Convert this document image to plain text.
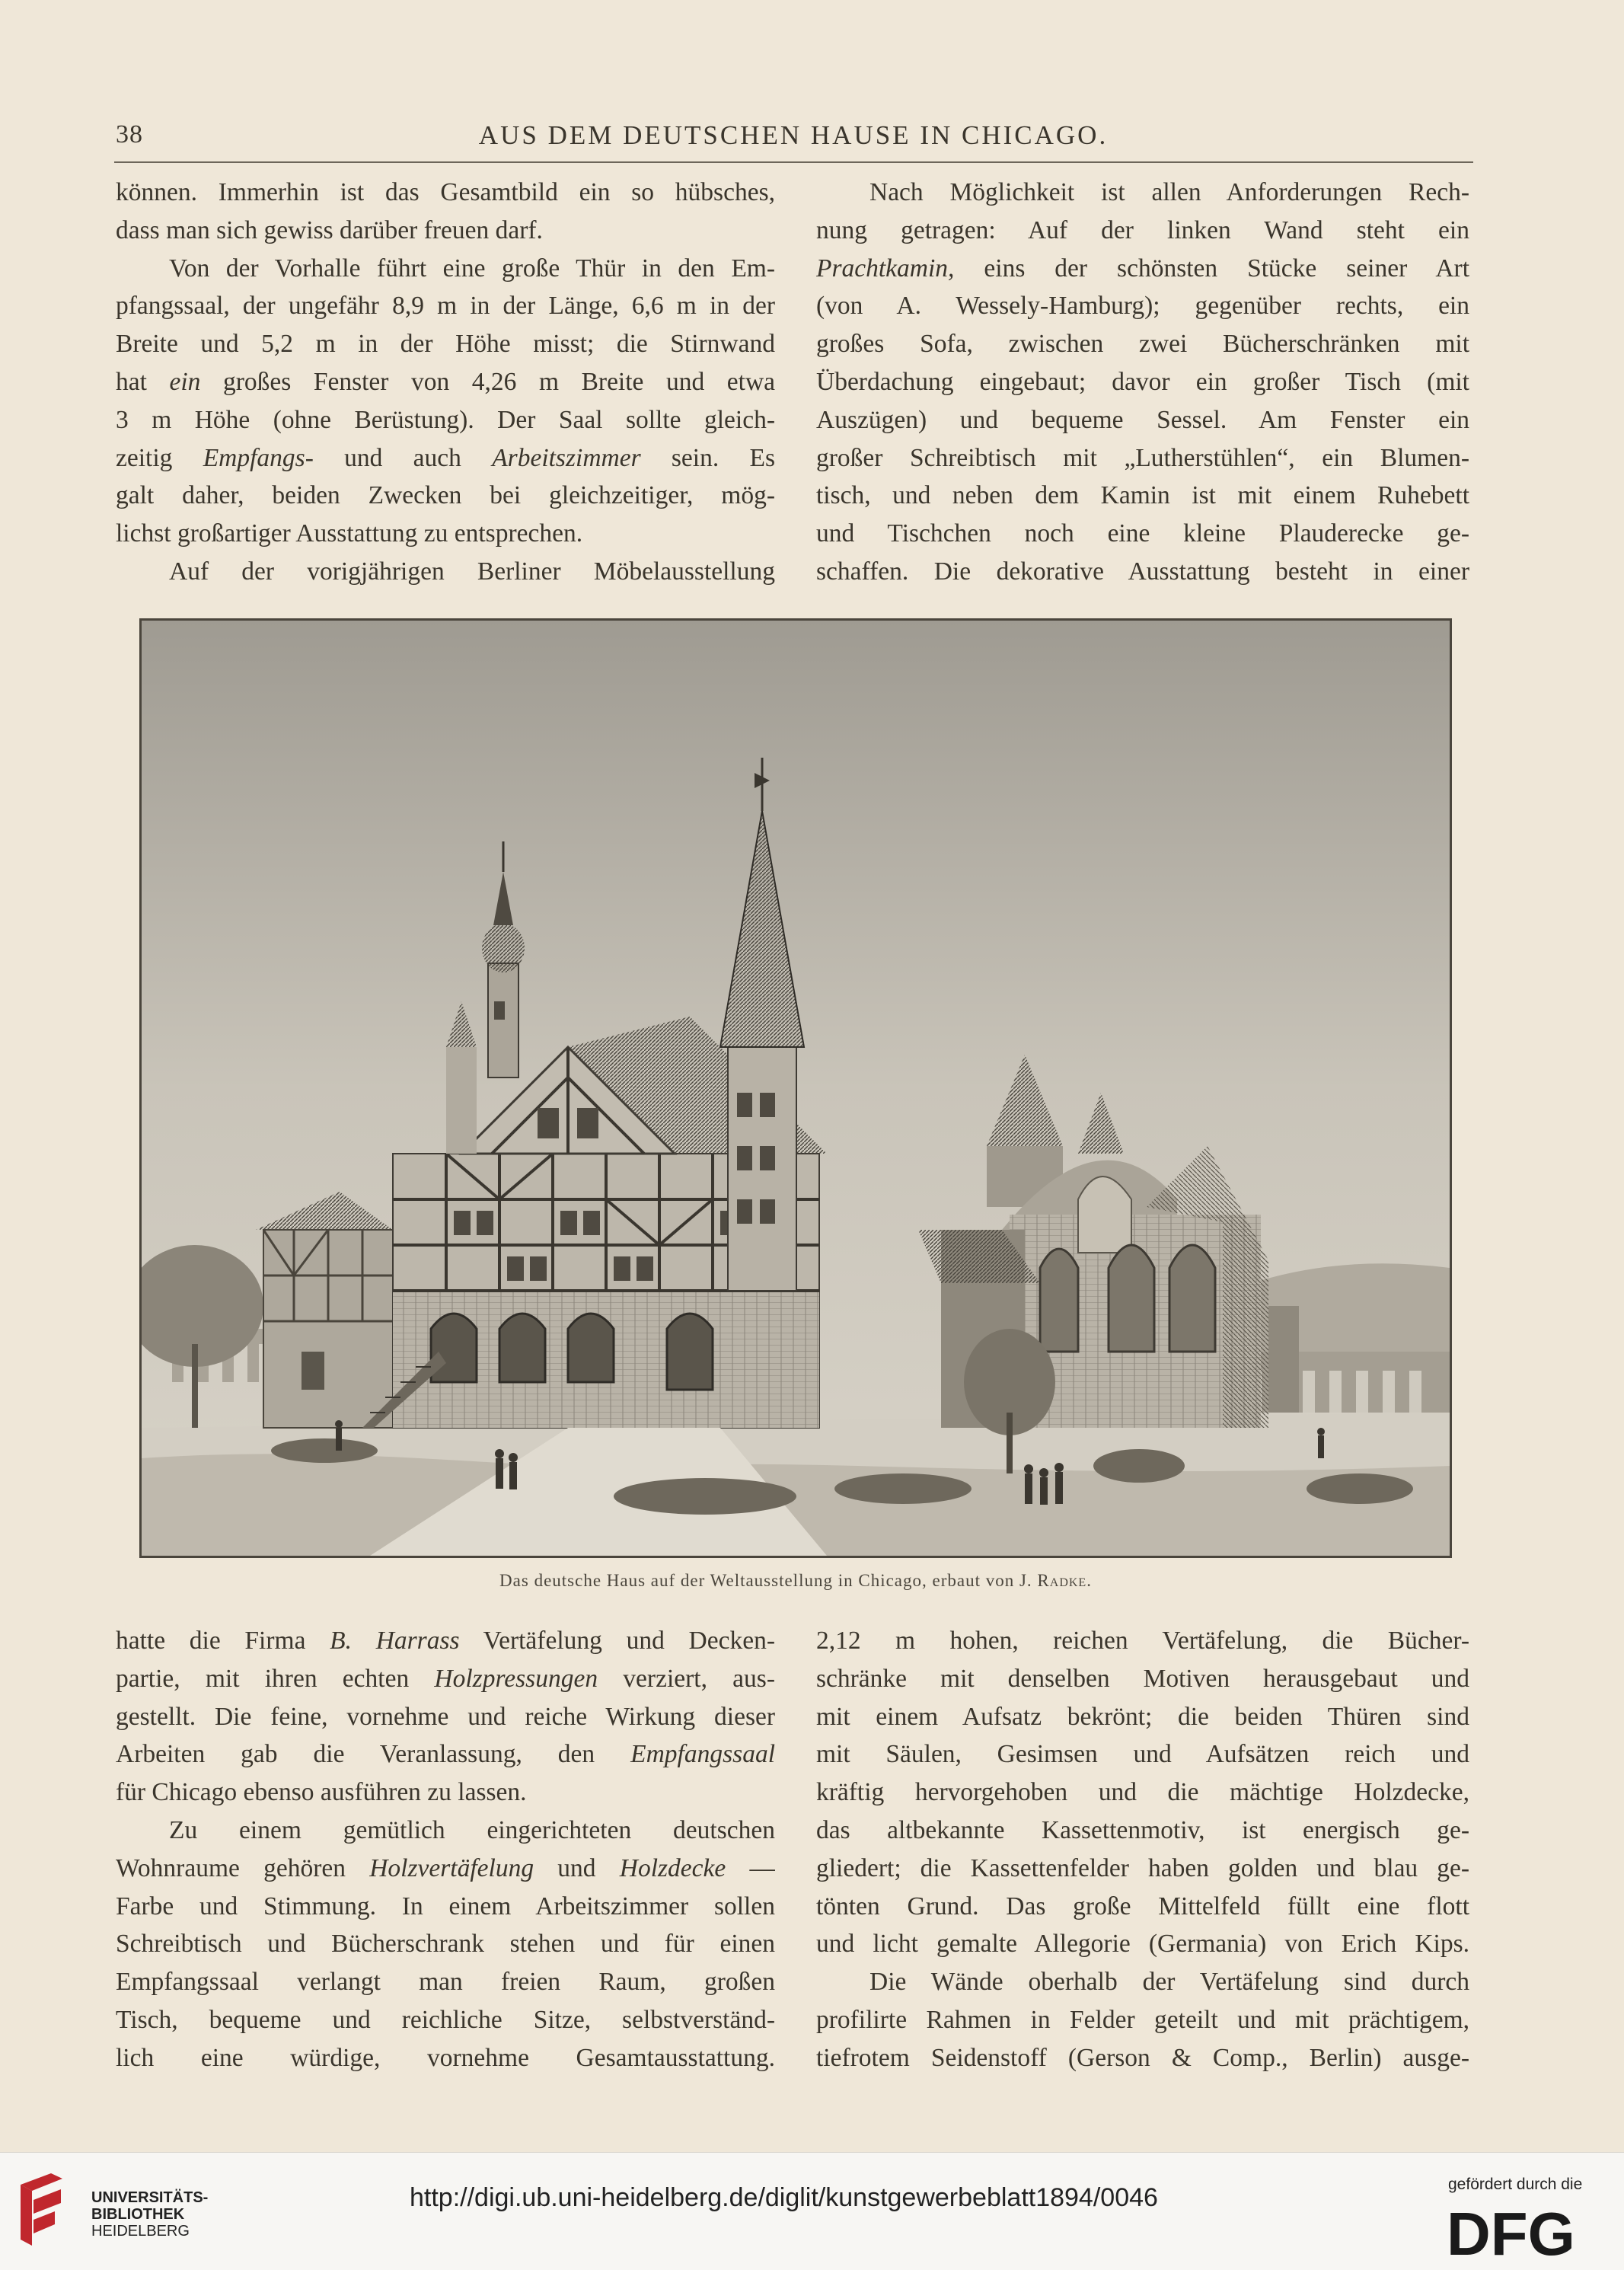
38	AUS DEM DEUTSCHEN HAUSE IN CHICAGO.
können. Immerhin ist das Gesamtbild ein so hübsches,
dass man sich gewiss darüber freuen darf.
Von der Vorhalle führt eine große Thür in den Em-
pfangssaal, der ungefähr 8,9 m in der Länge, 6,6 m in der
Breite und 5,2 m in der Höhe misst; die Stirnwand
hat ein großes Fenster von 4,26 m Breite und etwa
3 m Höhe (ohne Berüstung). Der Saal sollte gleich-
zeitig Empfangs- und auch Arbeitszimmer sein. Es
galt daher, beiden Zwecken bei gleichzeitiger, mög-
lichst großartiger Ausstattung zu entsprechen.
Auf der vorigjährigen Berliner Möbelausstellung
Nach Möglichkeit ist allen Anforderungen Rech-
nung getragen: Auf der linken Wand steht ein
Prachtkamin, eins der schönsten Stücke seiner Art
(von A. Wessely-Hamburg); gegenüber rechts, ein
großes Sofa, zwischen zwei Bücherschränken mit
Überdachung eingebaut; davor ein großer Tisch (mit
Auszügen) und bequeme Sessel. Am Fenster ein
großer Schreibtisch mit „Lutherstühlen“, ein Blumen-
tisch, und neben dem Kamin ist mit einem Ruhebett
und Tischchen noch eine kleine Plauderecke ge-
schaffen. Die dekorative Ausstattung besteht in einer
Das deutsche Haus auf der Weltausstellung in Chicago, erbaut von J. Radke.
hatte die Firma B. Harrass Vertäfelung und Decken-
partie, mit ihren echten Holzpressungen verziert, aus-
gestellt. Die feine, vornehme und reiche Wirkung dieser
Arbeiten gab die Veranlassung, den Empfangssaal
für Chicago ebenso ausführen zu lassen.
Zu einem gemütlich eingerichteten deutschen
Wohnraume gehören Holzvertäfelung und Holzdecke —
Farbe und Stimmung. In einem Arbeitszimmer sollen
Schreibtisch und Bücherschrank stehen und für einen
Empfangssaal verlangt man freien Raum, großen
Tisch, bequeme und reichliche Sitze, selbstverständ-
lich eine würdige, vornehme Gesamtausstattung.
2,12 m hohen, reichen Vertäfelung, die Bücher-
schränke mit denselben Motiven herausgebaut und
mit einem Aufsatz bekrönt; die beiden Thüren sind
mit Säulen, Gesimsen und Aufsätzen reich und
kräftig hervorgehoben und die mächtige Holzdecke,
das altbekannte Kassettenmotiv, ist energisch ge-
gliedert; die Kassettenfelder haben golden und blau ge-
tönten Grund. Das große Mittelfeld füllt eine flott
und licht gemalte Allegorie (Germania) von Erich Kips.
Die Wände oberhalb der Vertäfelung sind durch
profilirte Rahmen in Felder geteilt und mit prächtigem,
tiefrotem Seidenstoff (Gerson & Comp., Berlin) ausge-
UNIVERSITÄTS-
BIBLIOTHEK
HEIDELBERG
http://digi.ub.uni-heidelberg.de/diglit/kunstgewerbeblatt1894/0046	gefördert durch die
DFG
